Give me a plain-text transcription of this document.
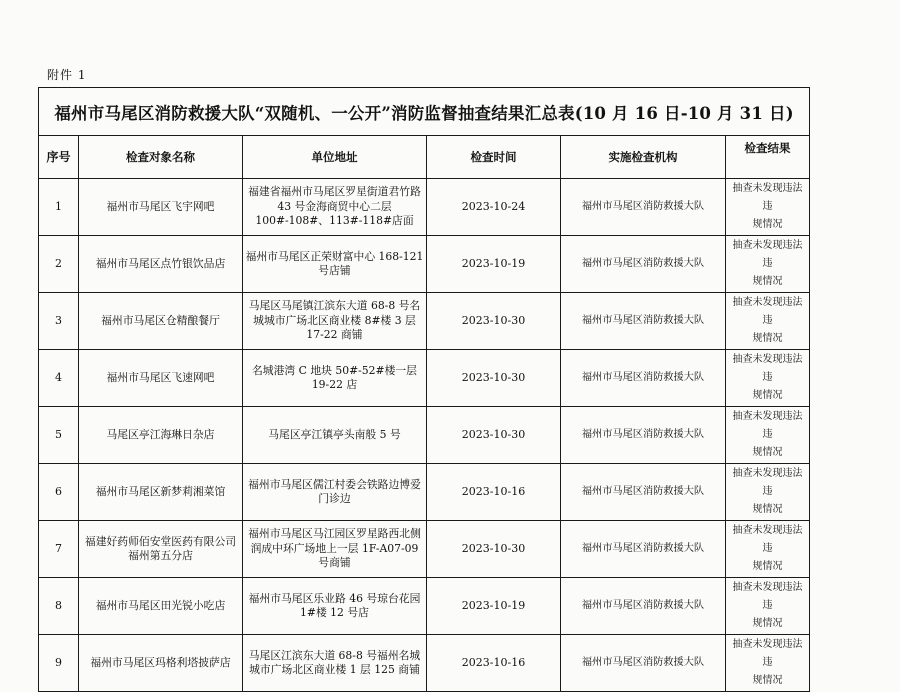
附件 1
福州市马尾区消防救援大队“双随机、一公开”消防监督抽查结果汇总表(10 月 16 日-10 月 31 日)					
序号	检查对象名称	单位地址	检查时间	实施检查机构	检查结果
1	福州市马尾区飞宇网吧	福建省福州市马尾区罗星街道君竹路 43 号金海商贸中心二层 100#-108#、113#-118#店面	2023-10-24	福州市马尾区消防救援大队	抽查未发现违法违
规情况

2	福州市马尾区点竹银饮品店	福州市马尾区正荣财富中心 168-121 号店铺	2023-10-19	福州市马尾区消防救援大队	抽查未发现违法违
规情况

3	福州市马尾区仓精酿餐厅	马尾区马尾镇江滨东大道 68-8 号名城城市广场北区商业楼 8#楼 3 层 17-22 商铺	2023-10-30	福州市马尾区消防救援大队	抽查未发现违法违
规情况

4	福州市马尾区飞速网吧	名城港湾 C 地块 50#-52#楼一层 19-22 店	2023-10-30	福州市马尾区消防救援大队	抽查未发现违法违
规情况

5	马尾区亭江海琳日杂店	马尾区亭江镇亭头南般 5 号	2023-10-30	福州市马尾区消防救援大队	抽查未发现违法违
规情况

6	福州市马尾区新梦莉湘菜馆	福州市马尾区儒江村委会铁路边博爱门诊边	2023-10-16	福州市马尾区消防救援大队	抽查未发现违法违
规情况

7	福建好药师佰安堂医药有限公司福州第五分店	福州市马尾区马江园区罗星路西北侧润成中环广场地上一层 1F-A07-09 号商铺	2023-10-30	福州市马尾区消防救援大队	抽查未发现违法违
规情况

8	福州市马尾区田光锐小吃店	福州市马尾区乐业路 46 号琼台花园 1#楼 12 号店	2023-10-19	福州市马尾区消防救援大队	抽查未发现违法违
规情况

9	福州市马尾区玛格利塔披萨店	马尾区江滨东大道 68-8 号福州名城城市广场北区商业楼 1 层 125 商铺	2023-10-16	福州市马尾区消防救援大队	抽查未发现违法违
规情况
